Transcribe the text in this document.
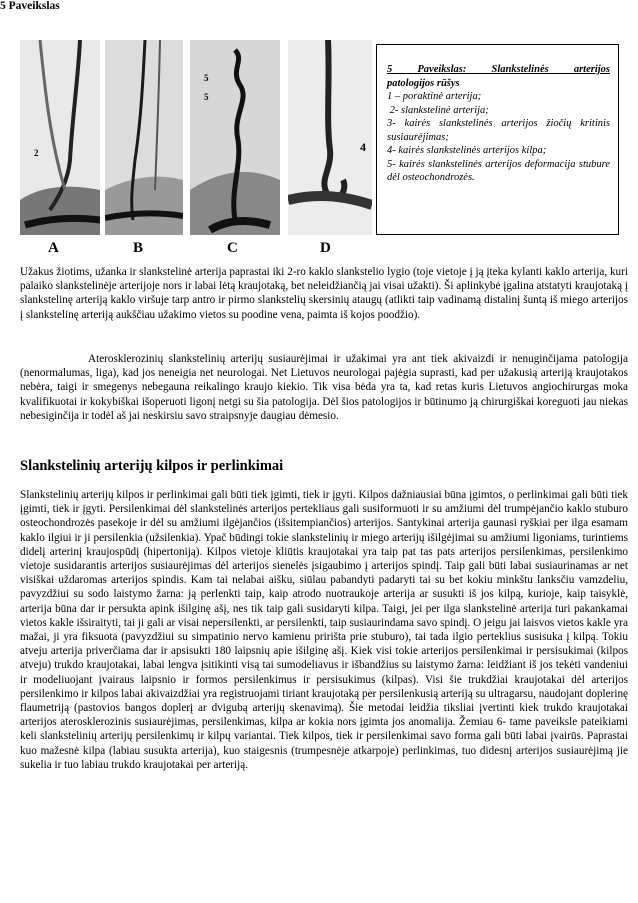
5 Paveikslas
2
5
5
4
A	B	C	D
5 Paveikslas: Slankstelinės arterijos
patologijos rūšys
1 – poraktinė arterija;
2- slankstelinė arterija;
3- kairės slankstelinės arterijos žiočių kritinis susiaurėjimas;
4- kairės slankstelinės arterijos kilpa;
5- kairės slankstelinės arterijos deformacija stubure dėl osteochondrozės.
Užakus žiotims, užanka ir slankstelinė arterija paprastai iki 2-ro kaklo slankstelio lygio (toje vietoje į ją įteka kylanti kaklo arterija, kuri palaiko slankstelinėje arterijoje nors ir labai lėtą kraujotaką, bet neleidžiančią jai visai užakti). Ši aplinkybė įgalina atstatyti kraujotaką į slankstelinę arteriją kaklo viršuje tarp antro ir pirmo slankstelių skersinių ataugų (atlikti taip vadinamą distalinį šuntą iš miego arterijos į slankstelinę arteriją aukščiau užakimo vietos su poodine vena, paimta iš kojos poodžio).
Aterosklerozinių slankstelinių arterijų susiaurėjimai ir užakimai yra ant tiek akivaizdi ir nenuginčijama patologija (nenormalumas, liga), kad jos neneigia net neurologai. Net Lietuvos neurologai pajėgia suprasti, kad per užakusią arteriją kraujotakos nebėra, taigi ir smegenys nebegauna reikalingo kraujo kiekio. Tik visa bėda yra ta, kad retas kuris Lietuvos angiochirurgas moka kvalifikuotai ir kokybiškai išoperuoti ligonį netgi su šia patologija. Dėl šios patologijos ir būtinumo ją chirurgiškai koreguoti jau niekas nebesiginčija ir todėl aš jai neskirsiu savo straipsnyje daugiau dėmesio.
Slankstelinių arterijų kilpos ir perlinkimai
Slankstelinių arterijų kilpos ir perlinkimai gali būti tiek įgimti, tiek ir įgyti. Kilpos dažniausiai būna įgimtos, o perlinkimai gali būti tiek įgimti, tiek ir įgyti. Persilenkimai dėl slankstelinės arterijos pertekliaus gali susiformuoti ir su amžiumi dėl trumpėjančio kaklo stuburo osteochondrozės pasekoje ir dėl su amžiumi ilgėjančios (išsitempiančios) arterijos. Santykinai arterija gaunasi ryškiai per ilga esamam kaklo ilgiui ir ji persilenkia (užsilenkia). Ypač būdingi tokie slankstelinių ir miego arterijų išilgėjimai su amžiumi ligoniams, turintiems didelį arterinį kraujospūdį (hipertoniją). Kilpos vietoje kliūtis kraujotakai yra taip pat tas pats arterijos persilenkimas, persilenkimo vietoje susidarantis arterijos susiaurėjimas dėl arterijos sienelės įsigaubimo į arterijos spindį. Taip gali būti labai susiaurinamas ar net visiškai uždaromas arterijos spindis. Kam tai nelabai aišku, siūlau pabandyti padaryti tai su bet kokiu minkštu lanksčiu vamzdeliu, pavyzdžiui su sodo laistymo žarna: ją perlenkti taip, kaip atrodo nuotraukoje arterija ar susukti iš jos kilpą, kurioje, kaip taisyklė, arterija būna dar ir persukta apink išilginę ašį, nes tik taip gali susidaryti kilpa. Taigi, jei per ilga slankstelinė arterija turi pakankamai vietos kakle išsiraityti, tai ji gali ar visai nepersilenkti, ar persilenkti, taip susiaurindama savo spindį. O jeigu jai laisvos vietos kakle yra mažai, ji yra fiksuota (pavyzdžiui su simpatinio nervo kamienu pririšta prie stuburo), tai tada ilgio perteklius susisuka į kilpą. Tokiu atveju arterija priverčiama dar ir apsisukti 180 laipsnių apie išilginę ašį. Kiek visi tokie arterijos persilenkimai ir persisukimai (kilpos atveju) trukdo kraujotakai, labai lengva įsitikinti visą tai sumodeliavus ir išbandžius su laistymo žarna: leidžiant iš jos tekėti vandeniui ir modeliuojant įvairaus laipsnio ir formos persilenkimus ir persisukimus (kilpas). Visi šie trukdžiai kraujotakai dėl arterijos persilenkimo ir kilpos labai akivaizdžiai yra registruojami tiriant kraujotaką per persilenkusią arteriją su ultragarsu, naudojant doplerinę flaumetriją (pastovios bangos doplerį ar dvigubą arterijų skenavimą). Šie metodai leidžia tiksliai įvertinti kiek trukdo kraujotakai arterijos aterosklerozinis susiaurėjimas, persilenkimas, kilpa ar kokia nors įgimta jos anomalija. Žemiau 6- tame paveiksle pateikiami keli slankstelinių arterijų persilenkimų ir kilpų variantai. Tiek kilpos, tiek ir persilenkimai savo forma gali būti labai įvairūs. Paprastai kuo mažesnė kilpa (labiau susukta arterija), kuo staigesnis (trumpesnėje atkarpoje) perlinkimas, tuo didesnį arterijos susiaurėjimą jie sukelia ir tuo labiau trukdo kraujotakai per arteriją.
